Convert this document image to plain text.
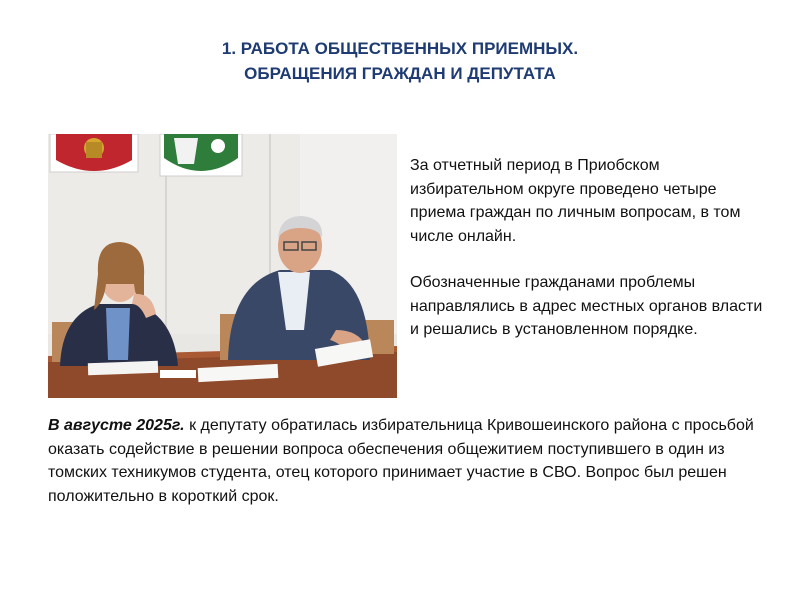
1. РАБОТА ОБЩЕСТВЕННЫХ ПРИЕМНЫХ.
ОБРАЩЕНИЯ ГРАЖДАН И ДЕПУТАТА

За отчетный период в Приобском избирательном округе проведено четыре приема граждан по личным вопросам, в том числе онлайн.

Обозначенные гражданами проблемы направлялись в адрес местных органов власти и решались в установленном порядке.

В августе 2025г. к депутату обратилась избирательница Кривошеинского района с просьбой оказать содействие в решении вопроса обеспечения общежитием поступившего в один из томских техникумов студента, отец которого принимает участие в СВО. Вопрос был решен положительно в короткий срок.
